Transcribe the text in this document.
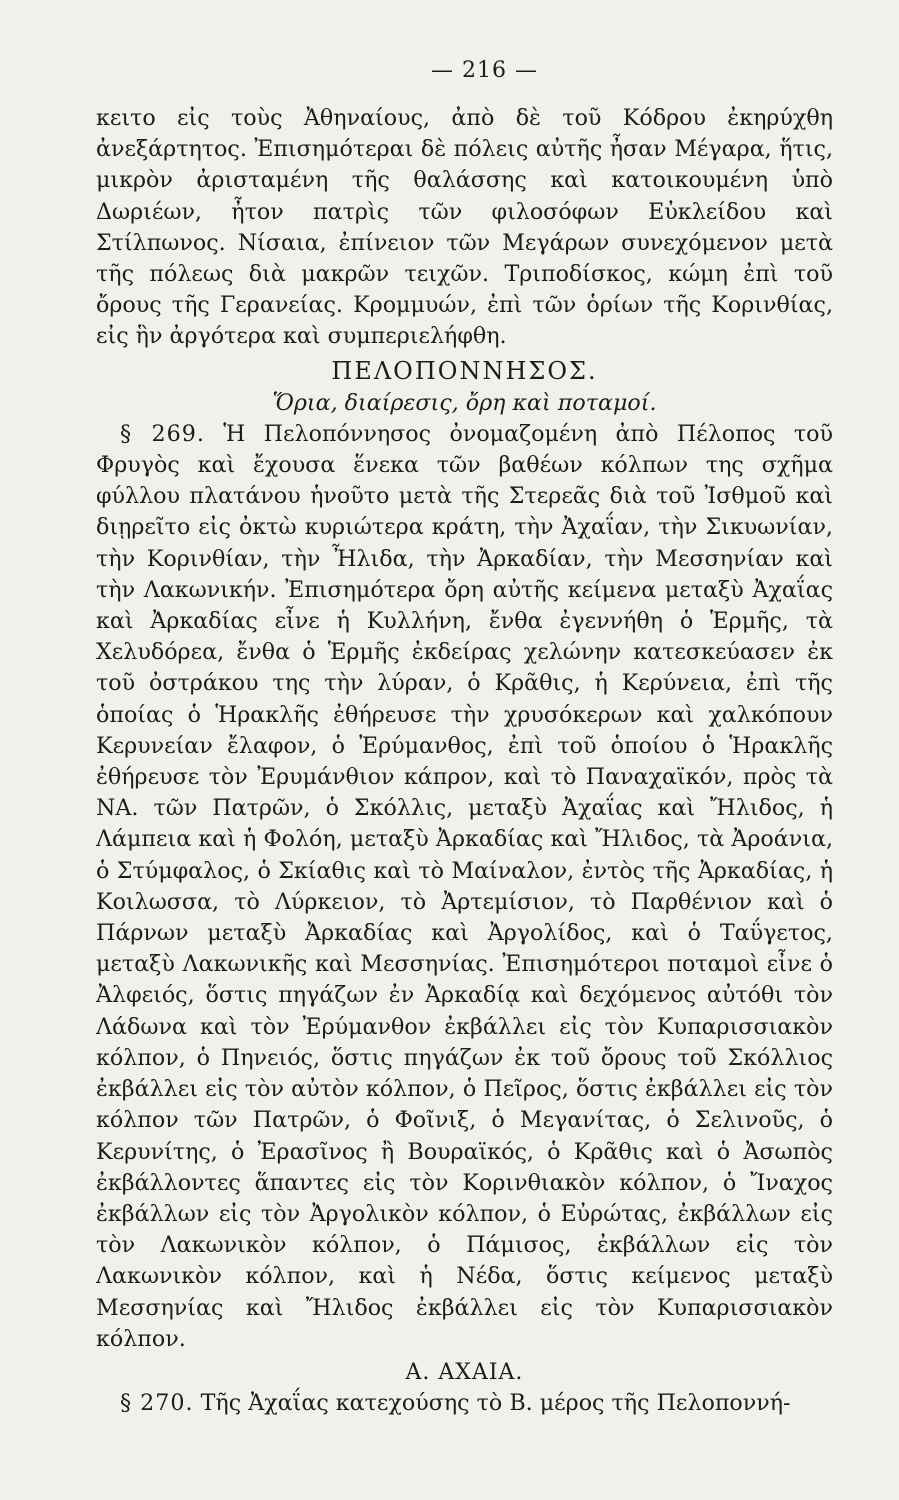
— 216 —

κειτο εἰς τοὺς Ἀθηναίους, ἀπὸ δὲ τοῦ Κόδρου ἐκηρύχθη ἀνεξάρτητος. Ἐπισημότεραι δὲ πόλεις αὐτῆς ἦσαν Μέγαρα, ἥτις, μικρὸν ἀρισταμένη τῆς θαλάσσης καὶ κατοικουμένη ὑπὸ Δωριέων, ἦτον πατρὶς τῶν φιλοσόφων Εὐκλείδου καὶ Στίλπωνος. Νίσαια, ἐπίνειον τῶν Μεγάρων συνεχόμενον μετὰ τῆς πόλεως διὰ μακρῶν τειχῶν. Τριποδίσκος, κώμη ἐπὶ τοῦ ὄρους τῆς Γερανείας. Κρομμυών, ἐπὶ τῶν ὁρίων τῆς Κορινθίας, εἰς ἣν ἀργότερα καὶ συμπεριελήφθη.

ΠΕΛΟΠΟΝΝΗΣΟΣ.
Ὅρια, διαίρεσις, ὄρη καὶ ποταμοί.

§ 269. Ἡ Πελοπόννησος ὀνομαζομένη ἀπὸ Πέλοπος τοῦ Φρυγὸς καὶ ἔχουσα ἕνεκα τῶν βαθέων κόλπων της σχῆμα φύλλου πλατάνου ἡνοῦτο μετὰ τῆς Στερεᾶς διὰ τοῦ Ἰσθμοῦ καὶ διῃρεῖτο εἰς ὀκτὼ κυριώτερα κράτη, τὴν Ἀχαΐαν, τὴν Σικυωνίαν, τὴν Κορινθίαν, τὴν Ἦλιδα, τὴν Ἀρκαδίαν, τὴν Μεσσηνίαν καὶ τὴν Λακωνικήν. Ἐπισημότερα ὄρη αὐτῆς κείμενα μεταξὺ Ἀχαΐας καὶ Ἀρκαδίας εἶνε ἡ Κυλλήνη, ἔνθα ἐγεννήθη ὁ Ἑρμῆς, τὰ Χελυδόρεα, ἔνθα ὁ Ἑρμῆς ἐκδείρας χελώνην κατεσκεύασεν ἐκ τοῦ ὀστράκου της τὴν λύραν, ὁ Κρᾶθις, ἡ Κερύνεια, ἐπὶ τῆς ὁποίας ὁ Ἡρακλῆς ἐθήρευσε τὴν χρυσόκερων καὶ χαλκόπουν Κερυνείαν ἔλαφον, ὁ Ἐρύμανθος, ἐπὶ τοῦ ὁποίου ὁ Ἡρακλῆς ἐθήρευσε τὸν Ἐρυμάνθιον κάπρον, καὶ τὸ Παναχαϊκόν, πρὸς τὰ ΝΑ. τῶν Πατρῶν, ὁ Σκόλλις, μεταξὺ Ἀχαΐας καὶ Ἤλιδος, ἡ Λάμπεια καὶ ἡ Φολόη, μεταξὺ Ἀρκαδίας καὶ Ἤλιδος, τὰ Ἀροάνια, ὁ Στύμφαλος, ὁ Σκίαθις καὶ τὸ Μαίναλον, ἐντὸς τῆς Ἀρκαδίας, ἡ Κοιλωσσα, τὸ Λύρκειον, τὸ Ἀρτεμίσιον, τὸ Παρθένιον καὶ ὁ Πάρνων μεταξὺ Ἀρκαδίας καὶ Ἀργολίδος, καὶ ὁ Ταΰγετος, μεταξὺ Λακωνικῆς καὶ Μεσσηνίας. Ἐπισημότεροι ποταμοὶ εἶνε ὁ Ἀλφειός, ὅστις πηγάζων ἐν Ἀρκαδίᾳ καὶ δεχόμενος αὐτόθι τὸν Λάδωνα καὶ τὸν Ἐρύμανθον ἐκβάλλει εἰς τὸν Κυπαρισσιακὸν κόλπον, ὁ Πηνειός, ὅστις πηγάζων ἐκ τοῦ ὄρους τοῦ Σκόλλιος ἐκβάλλει εἰς τὸν αὐτὸν κόλπον, ὁ Πεῖρος, ὅστις ἐκβάλλει εἰς τὸν κόλπον τῶν Πατρῶν, ὁ Φοῖνιξ, ὁ Μεγανίτας, ὁ Σελινοῦς, ὁ Κερυνίτης, ὁ Ἐρασῖνος ἢ Βουραϊκός, ὁ Κρᾶθις καὶ ὁ Ἀσωπὸς ἐκβάλλοντες ἅπαντες εἰς τὸν Κορινθιακὸν κόλπον, ὁ Ἴναχος ἐκβάλλων εἰς τὸν Ἀργολικὸν κόλπον, ὁ Εὐρώτας, ἐκβάλλων εἰς τὸν Λακωνικὸν κόλπον, ὁ Πάμισος, ἐκβάλλων εἰς τὸν Λακωνικὸν κόλπον, καὶ ἡ Νέδα, ὅστις κείμενος μεταξὺ Μεσσηνίας καὶ Ἤλιδος ἐκβάλλει εἰς τὸν Κυπαρισσιακὸν κόλπον.

Α. ΑΧΑΙΑ.

§ 270. Τῆς Ἀχαΐας κατεχούσης τὸ Β. μέρος τῆς Πελοποννή-
